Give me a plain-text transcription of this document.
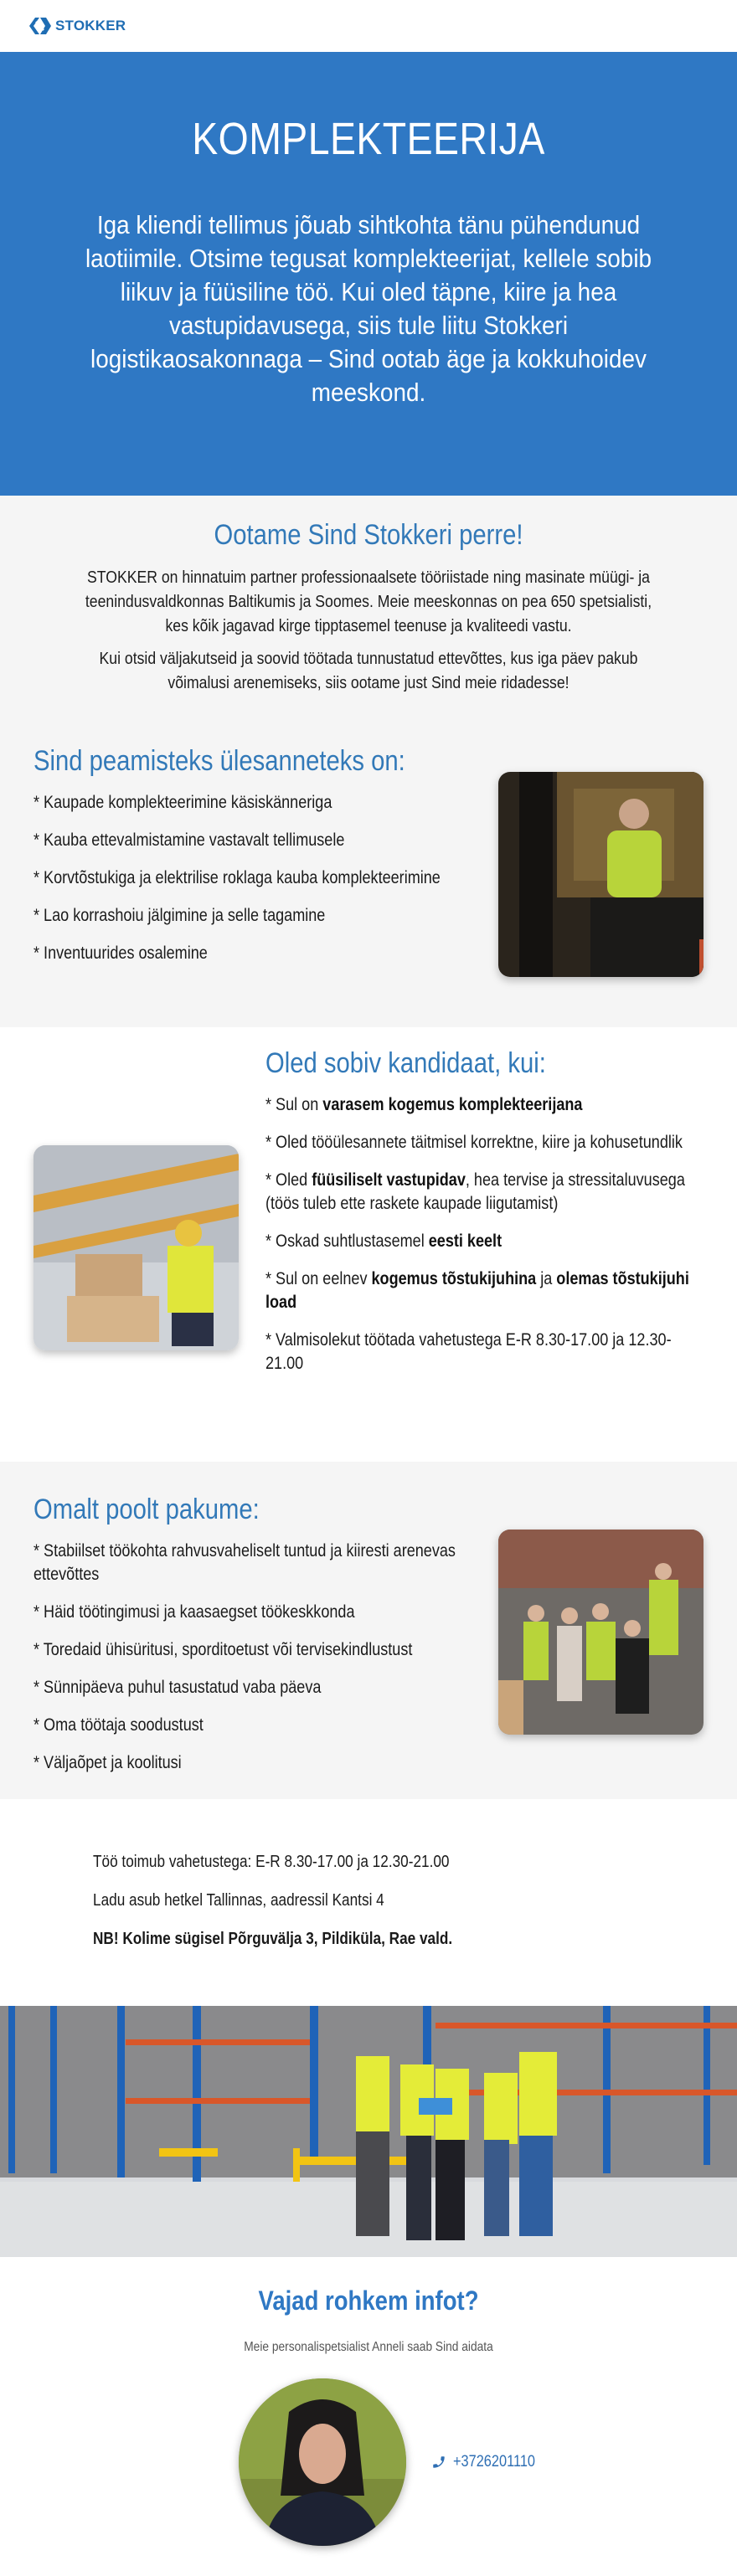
STOKKER
KOMPLEKTEERIJA

Iga kliendi tellimus jõuab sihtkohta tänu pühendunud laotiimile. Otsime tegusat komplekteerijat, kellele sobib liikuv ja füüsiline töö. Kui oled täpne, kiire ja hea vastupidavusega, siis tule liitu Stokkeri logistikaosakonnaga – Sind ootab äge ja kokkuhoidev meeskond.

Ootame Sind Stokkeri perre!

STOKKER on hinnatuim partner professionaalsete tööriistade ning masinate müügi- ja teenindusvaldkonnas Baltikumis ja Soomes. Meie meeskonnas on pea 650 spetsialisti, kes kõik jagavad kirge tipptasemel teenuse ja kvaliteedi vastu.

Kui otsid väljakutseid ja soovid töötada tunnustatud ettevõttes, kus iga päev pakub võimalusi arenemiseks, siis ootame just Sind meie ridadesse!

Sind peamisteks ülesanneteks on:
* Kaupade komplekteerimine käsiskänneriga
* Kauba ettevalmistamine vastavalt tellimusele
* Korvtõstukiga ja elektrilise roklaga kauba komplekteerimine
* Lao korrashoiu jälgimine ja selle tagamine
* Inventuurides osalemine
Oled sobiv kandidaat, kui:
* Sul on varasem kogemus komplekteerijana
* Oled tööülesannete täitmisel korrektne, kiire ja kohusetundlik
* Oled füüsiliselt vastupidav, hea tervise ja stressitaluvusega (töös tuleb ette raskete kaupade liigutamist)
* Oskad suhtlustasemel eesti keelt
* Sul on eelnev kogemus tõstukijuhina ja olemas tõstukijuhi load
* Valmisolekut töötada vahetustega E-R 8.30-17.00 ja 12.30-21.00
Omalt poolt pakume:
* Stabiilset töökohta rahvusvaheliselt tuntud ja kiiresti arenevas ettevõttes
* Häid töötingimusi ja kaasaegset töökeskkonda
* Toredaid ühisüritusi, sporditoetust või tervisekindlustust
* Sünnipäeva puhul tasustatud vaba päeva
* Oma töötaja soodustust
* Väljaõpet ja koolitusi

Töö toimub vahetustega: E-R 8.30-17.00 ja 12.30-21.00

Ladu asub hetkel Tallinnas, aadressil Kantsi 4

NB! Kolime sügisel Põrguvälja 3, Pildiküla, Rae vald.

Vajad rohkem infot?

Meie personalispetsialist Anneli saab Sind aidata

+3726201110
